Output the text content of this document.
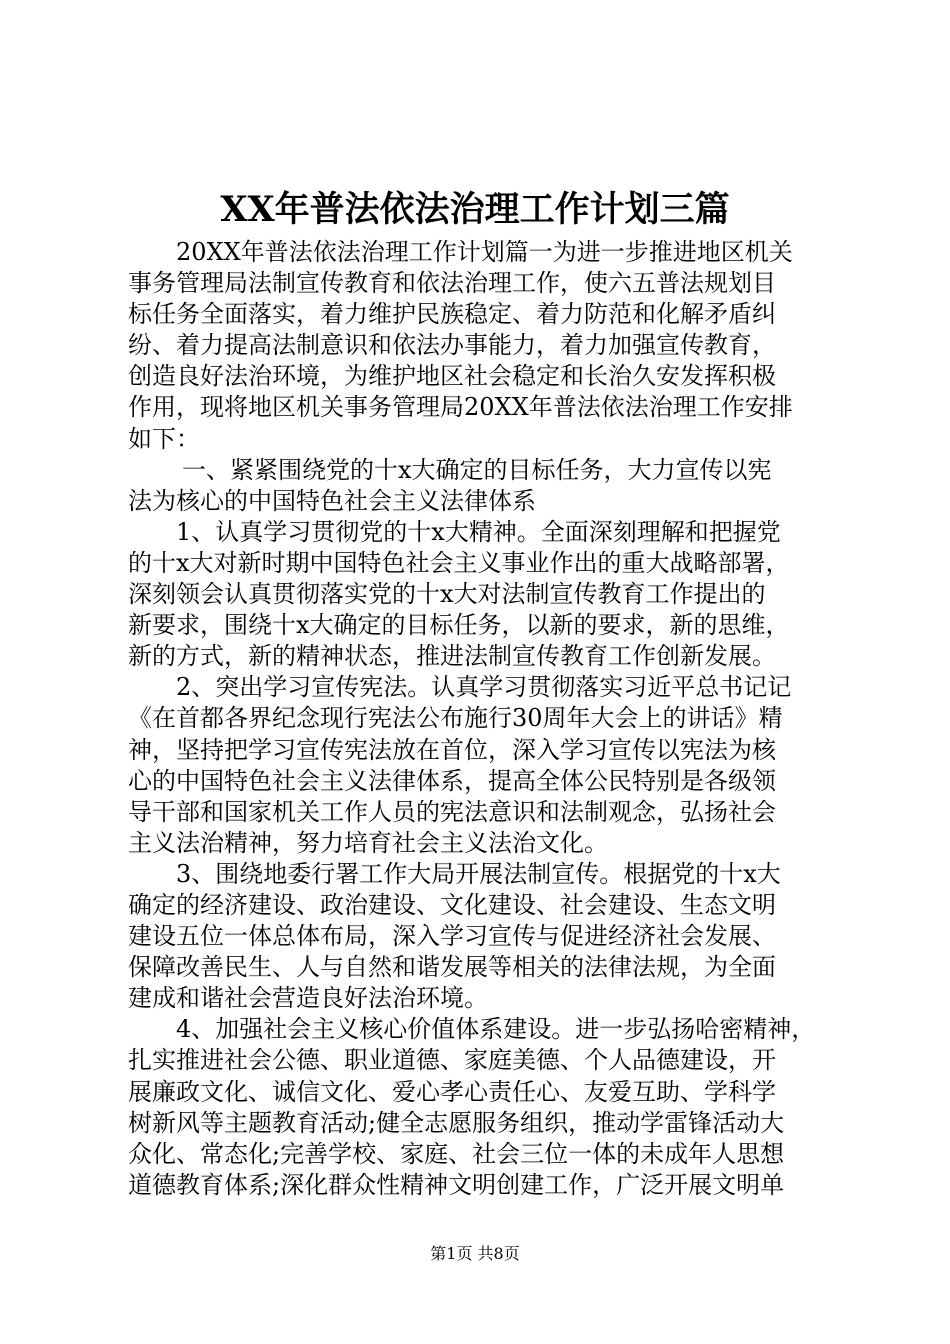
XX年普法依法治理工作计划三篇
20XX年普法依法治理工作计划篇一为进一步推进地区机关
事务管理局法制宣传教育和依法治理工作，使六五普法规划目
标任务全面落实，着力维护民族稳定、着力防范和化解矛盾纠
纷、着力提高法制意识和依法办事能力，着力加强宣传教育，
创造良好法治环境，为维护地区社会稳定和长治久安发挥积极
作用，现将地区机关事务管理局20XX年普法依法治理工作安排
如下：
一、紧紧围绕党的十x大确定的目标任务，大力宣传以宪
法为核心的中国特色社会主义法律体系
1、认真学习贯彻党的十x大精神。全面深刻理解和把握党
的十x大对新时期中国特色社会主义事业作出的重大战略部署，
深刻领会认真贯彻落实党的十x大对法制宣传教育工作提出的
新要求，围绕十x大确定的目标任务，以新的要求，新的思维，
新的方式，新的精神状态，推进法制宣传教育工作创新发展。
2、突出学习宣传宪法。认真学习贯彻落实习近平总书记记
《在首都各界纪念现行宪法公布施行30周年大会上的讲话》精
神，坚持把学习宣传宪法放在首位，深入学习宣传以宪法为核
心的中国特色社会主义法律体系，提高全体公民特别是各级领
导干部和国家机关工作人员的宪法意识和法制观念，弘扬社会
主义法治精神，努力培育社会主义法治文化。
3、围绕地委行署工作大局开展法制宣传。根据党的十x大
确定的经济建设、政治建设、文化建设、社会建设、生态文明
建设五位一体总体布局，深入学习宣传与促进经济社会发展、
保障改善民生、人与自然和谐发展等相关的法律法规，为全面
建成和谐社会营造良好法治环境。
4、加强社会主义核心价值体系建设。进一步弘扬哈密精神，
扎实推进社会公德、职业道德、家庭美德、个人品德建设，开
展廉政文化、诚信文化、爱心孝心责任心、友爱互助、学科学
树新风等主题教育活动;健全志愿服务组织，推动学雷锋活动大
众化、常态化;完善学校、家庭、社会三位一体的未成年人思想
道德教育体系;深化群众性精神文明创建工作，广泛开展文明单
第1页 共8页
